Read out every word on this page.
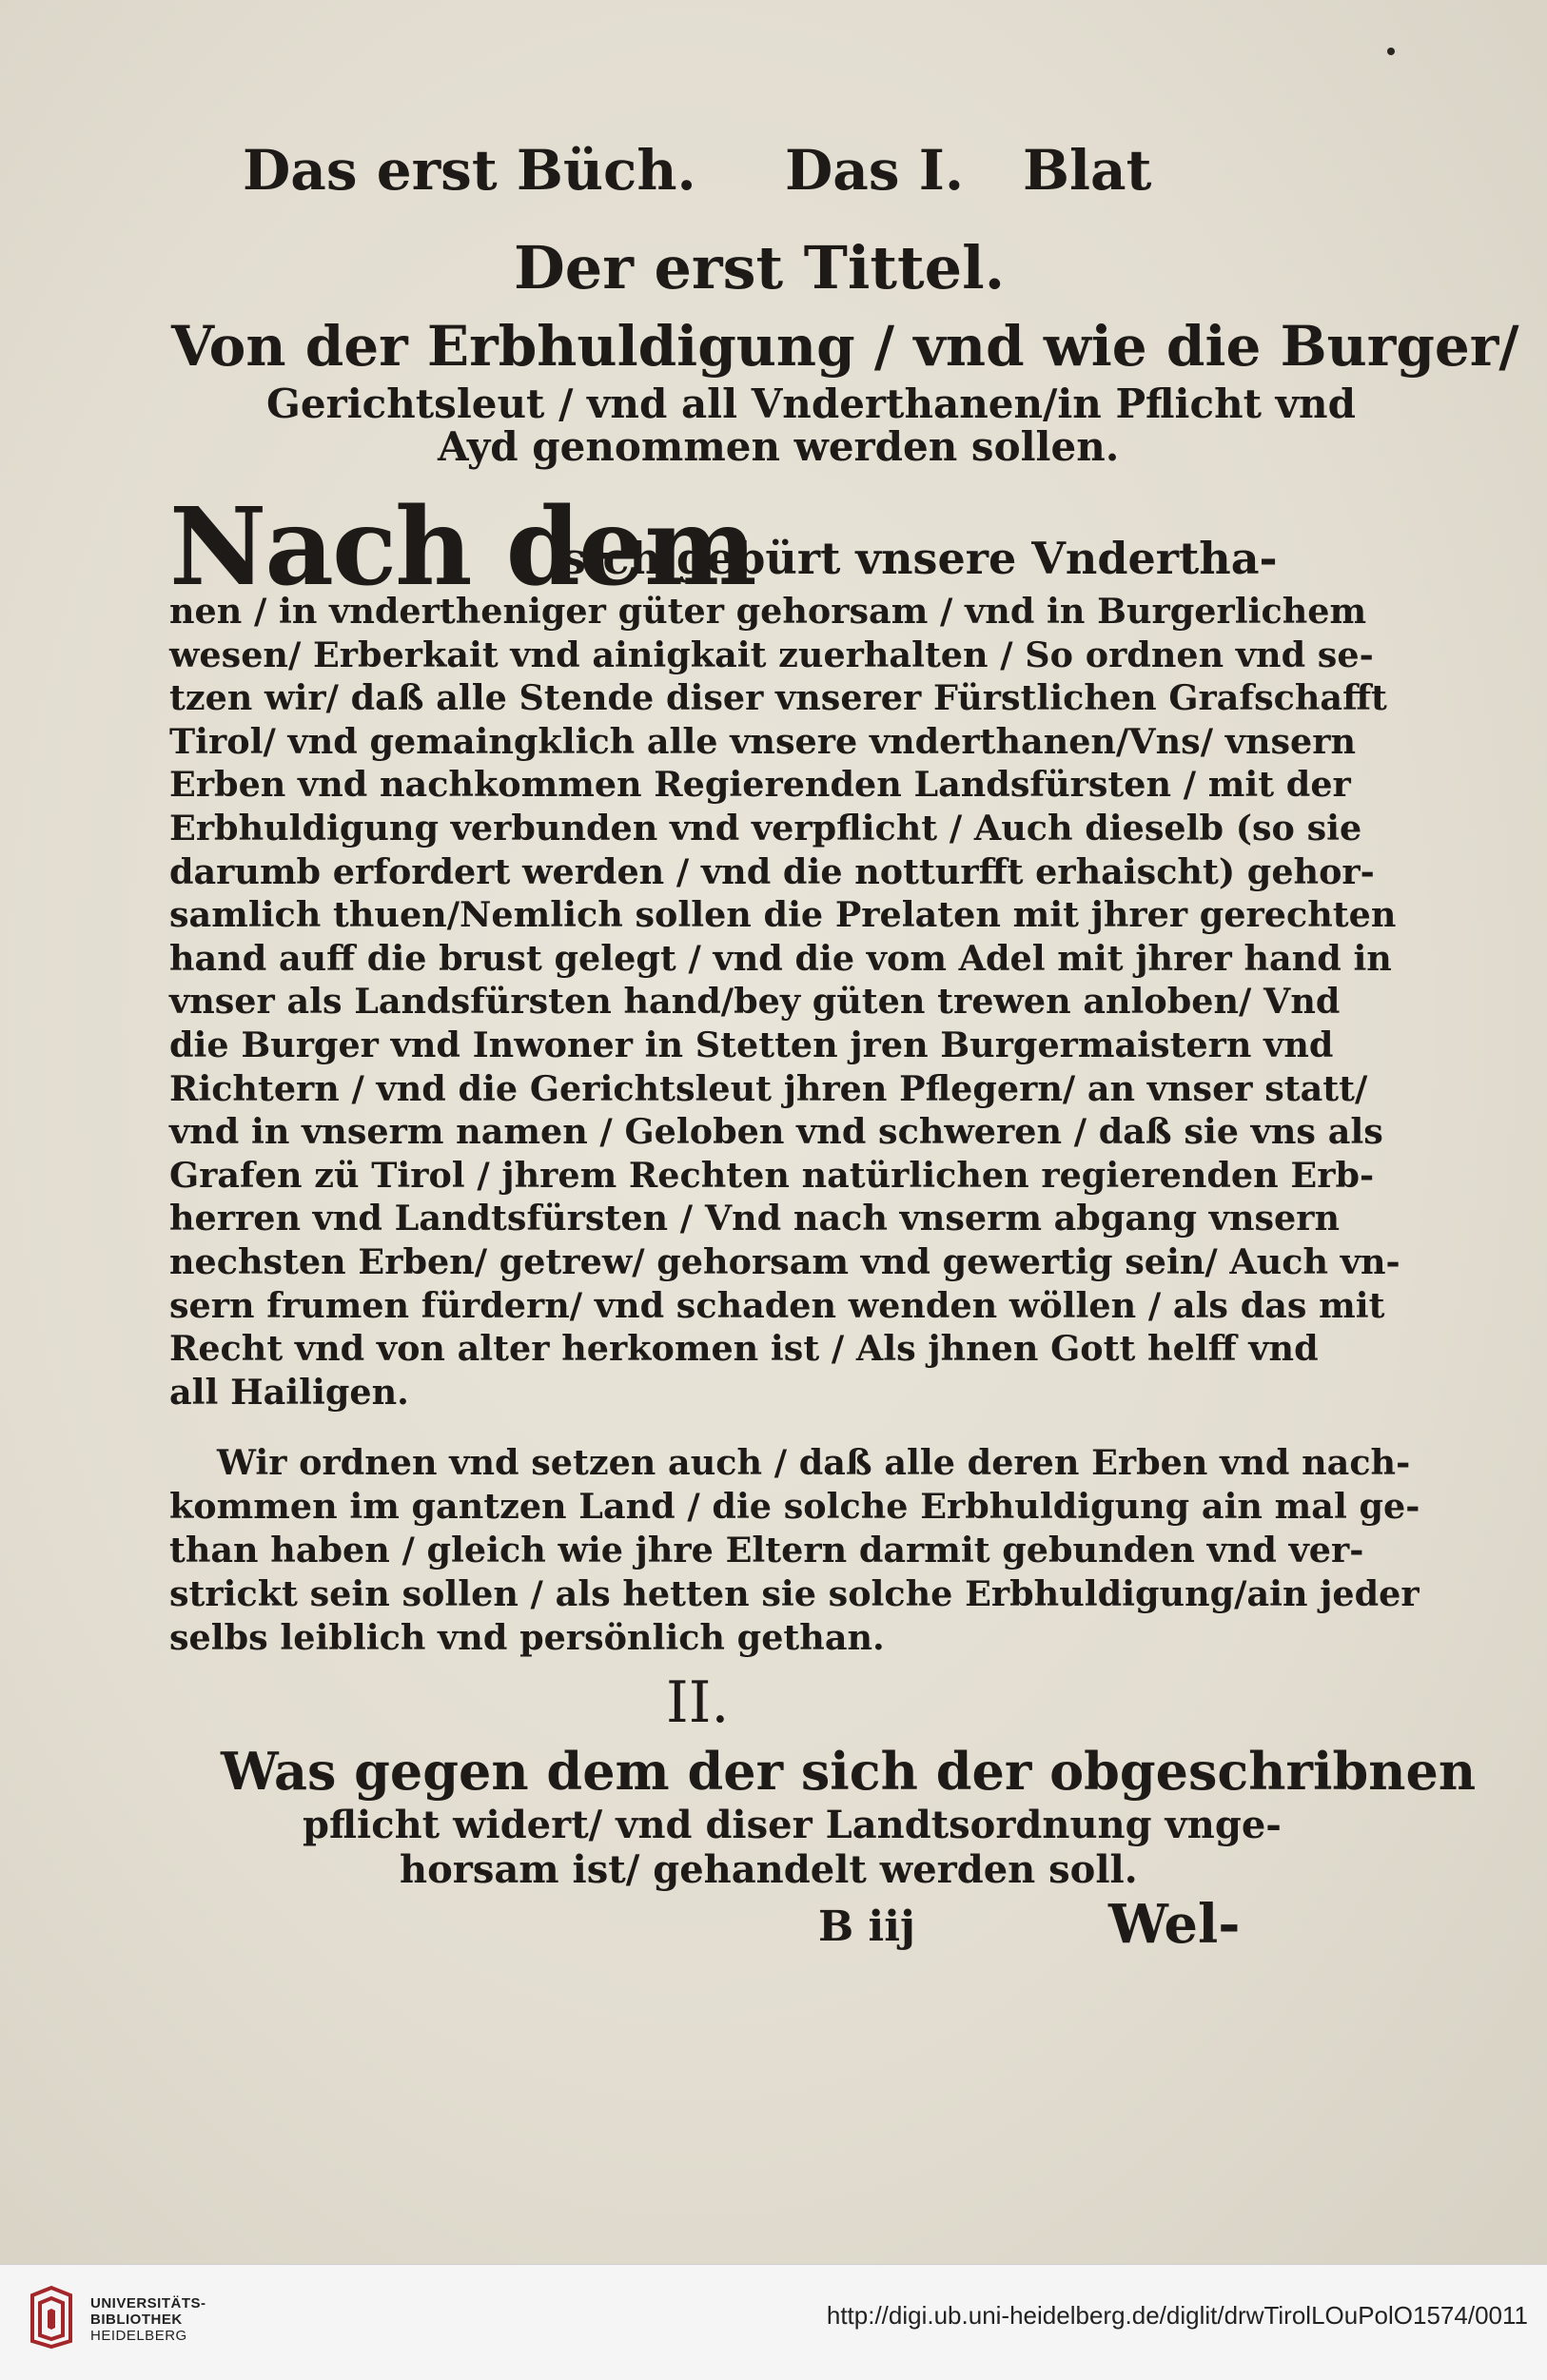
Das erst Büch. Das I. Blat
Der erst Tittel.
Von der Erbhuldigung / vnd wie die Burger/
Gerichtsleut / vnd all Vnderthanen/in Pflicht vnd
Ayd genommen werden sollen.
Nach dem
sich gebürt vnsere Vndertha-
nen / in vndertheniger güter gehorsam / vnd in Burgerlichem
wesen/ Erberkait vnd ainigkait zuerhalten / So ordnen vnd se-
tzen wir/ daß alle Stende diser vnserer Fürstlichen Grafschafft
Tirol/ vnd gemaingklich alle vnsere vnderthanen/Vns/ vnsern
Erben vnd nachkommen Regierenden Landsfürsten / mit der
Erbhuldigung verbunden vnd verpflicht / Auch dieselb (so sie
darumb erfordert werden / vnd die notturfft erhaischt) gehor-
samlich thuen/Nemlich sollen die Prelaten mit jhrer gerechten
hand auff die brust gelegt / vnd die vom Adel mit jhrer hand in
vnser als Landsfürsten hand/bey güten trewen anloben/ Vnd
die Burger vnd Inwoner in Stetten jren Burgermaistern vnd
Richtern / vnd die Gerichtsleut jhren Pflegern/ an vnser statt/
vnd in vnserm namen / Geloben vnd schweren / daß sie vns als
Grafen zü Tirol / jhrem Rechten natürlichen regierenden Erb-
herren vnd Landtsfürsten / Vnd nach vnserm abgang vnsern
nechsten Erben/ getrew/ gehorsam vnd gewertig sein/ Auch vn-
sern frumen fürdern/ vnd schaden wenden wöllen / als das mit
Recht vnd von alter herkomen ist / Als jhnen Gott helff vnd
all Hailigen.
Wir ordnen vnd setzen auch / daß alle deren Erben vnd nach-
kommen im gantzen Land / die solche Erbhuldigung ain mal ge-
than haben / gleich wie jhre Eltern darmit gebunden vnd ver-
strickt sein sollen / als hetten sie solche Erbhuldigung/ain jeder
selbs leiblich vnd persönlich gethan.
II.
Was gegen dem der sich der obgeschribnen
pflicht widert/ vnd diser Landtsordnung vnge-
horsam ist/ gehandelt werden soll.
B iij	Wel-
UNIVERSITÄTS-
BIBLIOTHEK
HEIDELBERG
http://digi.ub.uni-heidelberg.de/diglit/drwTirolLOuPolO1574/0011
